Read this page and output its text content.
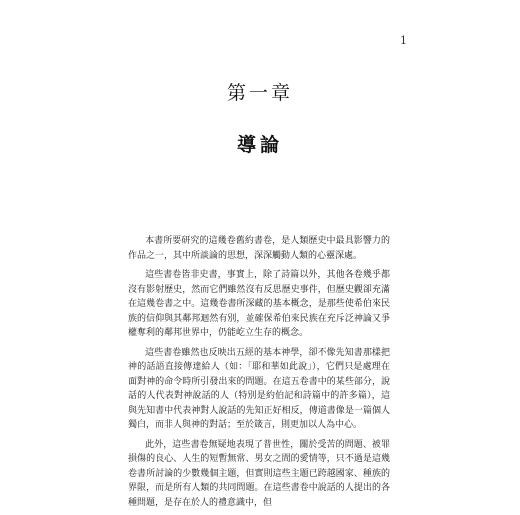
1
第一章
導論

本書所要研究的這幾卷舊約書卷，是人類歷史中最具影響力的作品之一，其中所談論的思想，深深觸動人類的心靈深處。

這些書卷皆非史書，事實上，除了詩篇以外，其他各卷幾乎都沒有影射歷史，然而它們雖然沒有反思歷史事件，但歷史觀卻充滿在這幾卷書之中。這幾卷書所深藏的基本概念，是那些使希伯來民族的信仰與其鄰邦迴然有別，並確保希伯來民族在充斥泛神論又爭權奪利的鄰邦世界中，仍能屹立生存的概念。

這些書卷雖然也反映出五經的基本神學，卻不像先知書那樣把神的話語直接傳達給人（如：「耶和華如此說」），它們只是處理在面對神的命令時所引發出來的問題。在這五卷書中的某些部分，說話的人代表對神說話的人（特別是約伯記和詩篇中的許多篇），這與先知書中代表神對人說話的先知正好相反，傳道書像是一篇個人獨白，而非人與神的對話；至於箴言，則更加以人為中心。

此外，這些書卷無疑地表現了普世性，關於受苦的問題、被罪損傷的良心、人生的短暫無常、男女之間的愛情等，只不過是這幾卷書所討論的少數幾個主題，但實則這些主題已跨越國家、種族的界限，而是所有人類的共同問題。在這些書卷中說話的人提出的各種問題，是存在於人的禮意識中，但
